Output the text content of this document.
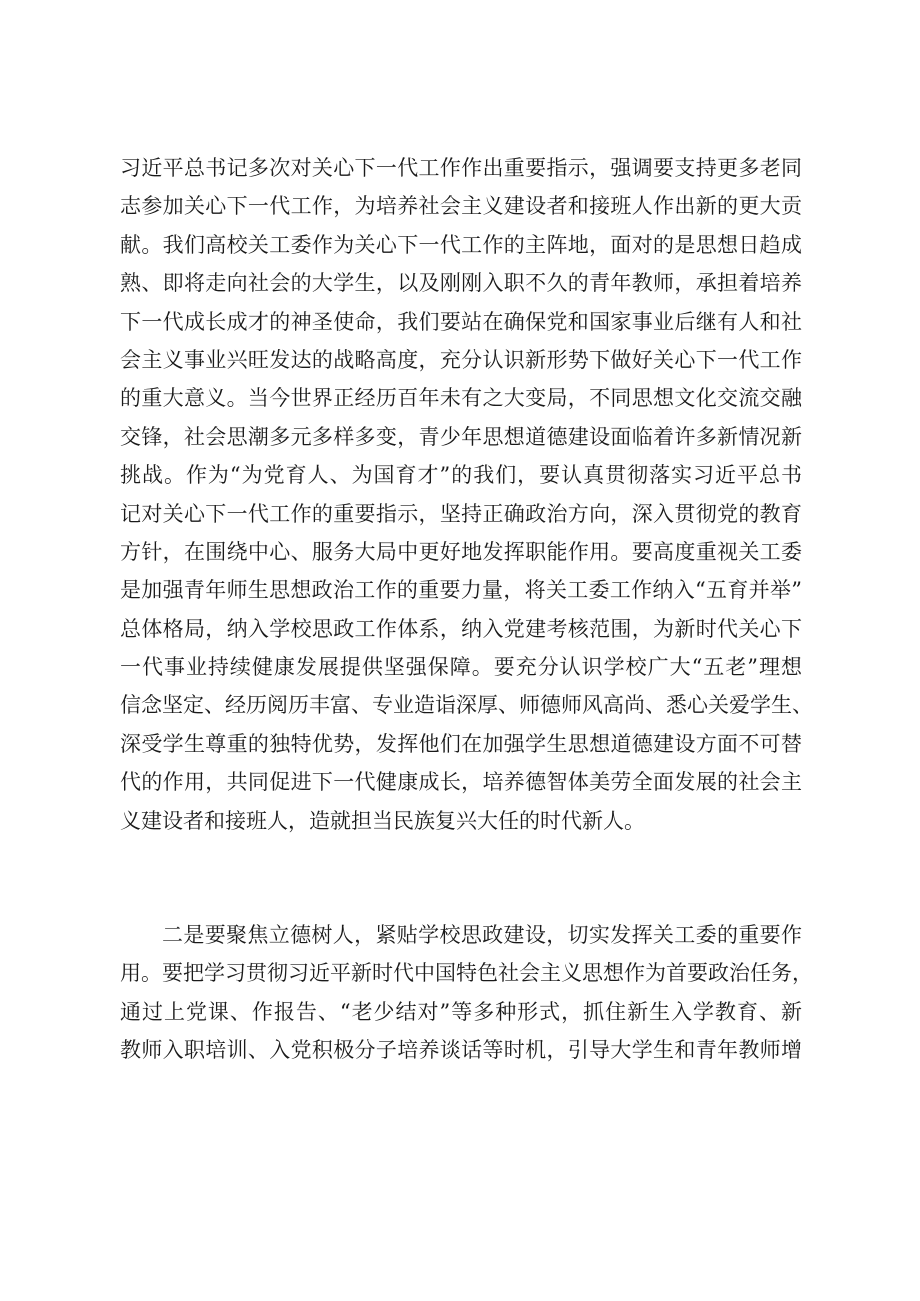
习近平总书记多次对关心下一代工作作出重要指示，强调要支持更多老同
志参加关心下一代工作，为培养社会主义建设者和接班人作出新的更大贡
献。我们高校关工委作为关心下一代工作的主阵地，面对的是思想日趋成
熟、即将走向社会的大学生，以及刚刚入职不久的青年教师，承担着培养
下一代成长成才的神圣使命，我们要站在确保党和国家事业后继有人和社
会主义事业兴旺发达的战略高度，充分认识新形势下做好关心下一代工作
的重大意义。当今世界正经历百年未有之大变局，不同思想文化交流交融
交锋，社会思潮多元多样多变，青少年思想道德建设面临着许多新情况新
挑战。作为“为党育人、为国育才”的我们，要认真贯彻落实习近平总书
记对关心下一代工作的重要指示，坚持正确政治方向，深入贯彻党的教育
方针，在围绕中心、服务大局中更好地发挥职能作用。要高度重视关工委
是加强青年师生思想政治工作的重要力量，将关工委工作纳入“五育并举”
总体格局，纳入学校思政工作体系，纳入党建考核范围，为新时代关心下
一代事业持续健康发展提供坚强保障。要充分认识学校广大“五老”理想
信念坚定、经历阅历丰富、专业造诣深厚、师德师风高尚、悉心关爱学生、
深受学生尊重的独特优势，发挥他们在加强学生思想道德建设方面不可替
代的作用，共同促进下一代健康成长，培养德智体美劳全面发展的社会主
义建设者和接班人，造就担当民族复兴大任的时代新人。
二是要聚焦立德树人，紧贴学校思政建设，切实发挥关工委的重要作
用。要把学习贯彻习近平新时代中国特色社会主义思想作为首要政治任务，
通过上党课、作报告、“老少结对”等多种形式，抓住新生入学教育、新
教师入职培训、入党积极分子培养谈话等时机，引导大学生和青年教师增
